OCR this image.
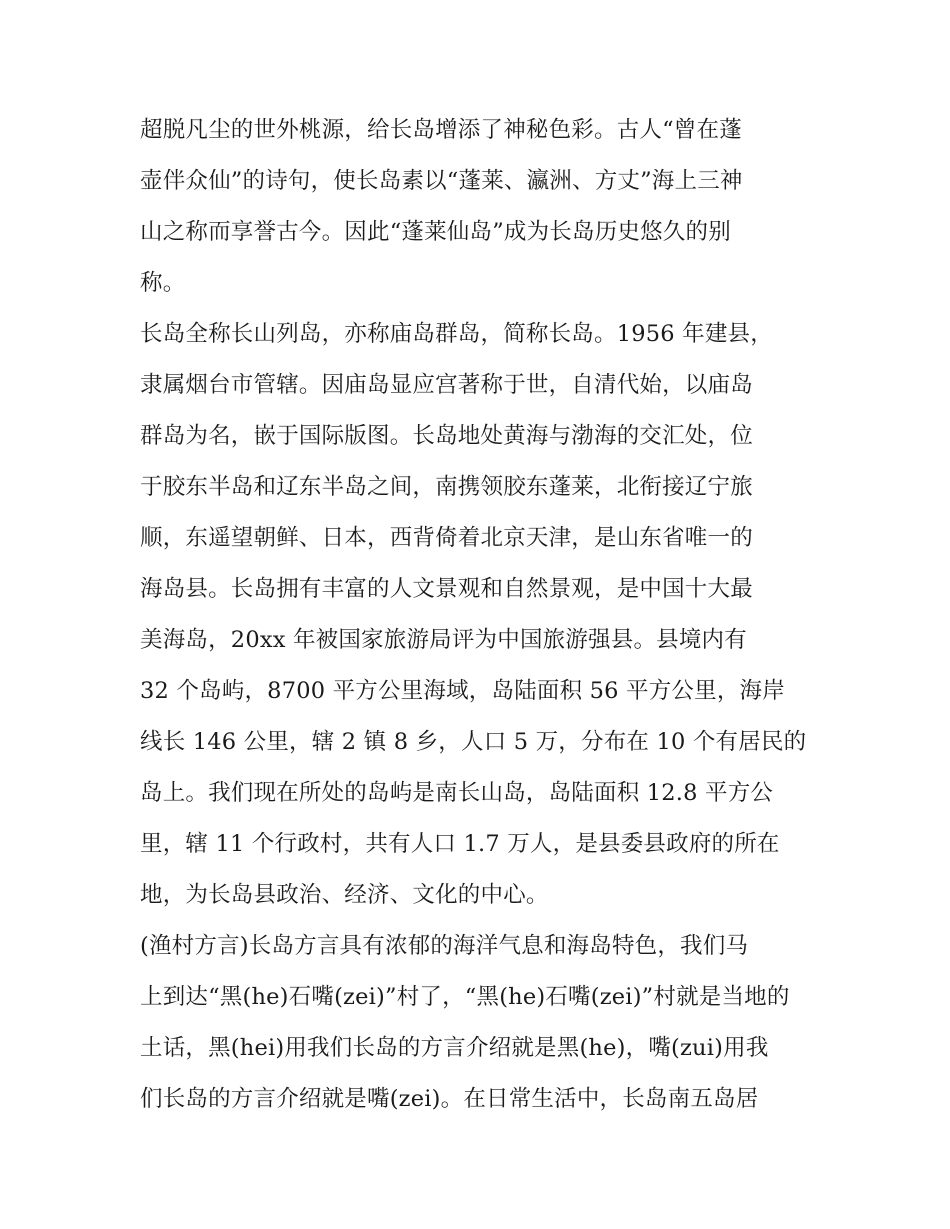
超脱凡尘的世外桃源，给长岛增添了神秘色彩。古人“曾在蓬
壶伴众仙”的诗句，使长岛素以“蓬莱、瀛洲、方丈”海上三神
山之称而享誉古今。因此“蓬莱仙岛”成为长岛历史悠久的别
称。
长岛全称长山列岛，亦称庙岛群岛，简称长岛。1956 年建县，
隶属烟台市管辖。因庙岛显应宫著称于世，自清代始，以庙岛
群岛为名，嵌于国际版图。长岛地处黄海与渤海的交汇处，位
于胶东半岛和辽东半岛之间，南携领胶东蓬莱，北衔接辽宁旅
顺，东遥望朝鲜、日本，西背倚着北京天津，是山东省唯一的
海岛县。长岛拥有丰富的人文景观和自然景观，是中国十大最
美海岛，20xx 年被国家旅游局评为中国旅游强县。县境内有
32 个岛屿，8700 平方公里海域，岛陆面积 56 平方公里，海岸
线长 146 公里，辖 2 镇 8 乡，人口 5 万，分布在 10 个有居民的
岛上。我们现在所处的岛屿是南长山岛，岛陆面积 12.8 平方公
里，辖 11 个行政村，共有人口 1.7 万人，是县委县政府的所在
地，为长岛县政治、经济、文化的中心。
(渔村方言)长岛方言具有浓郁的海洋气息和海岛特色，我们马
上到达“黑(he)石嘴(zei)”村了，“黑(he)石嘴(zei)”村就是当地的
土话，黑(hei)用我们长岛的方言介绍就是黑(he)，嘴(zui)用我
们长岛的方言介绍就是嘴(zei)。在日常生活中，长岛南五岛居
